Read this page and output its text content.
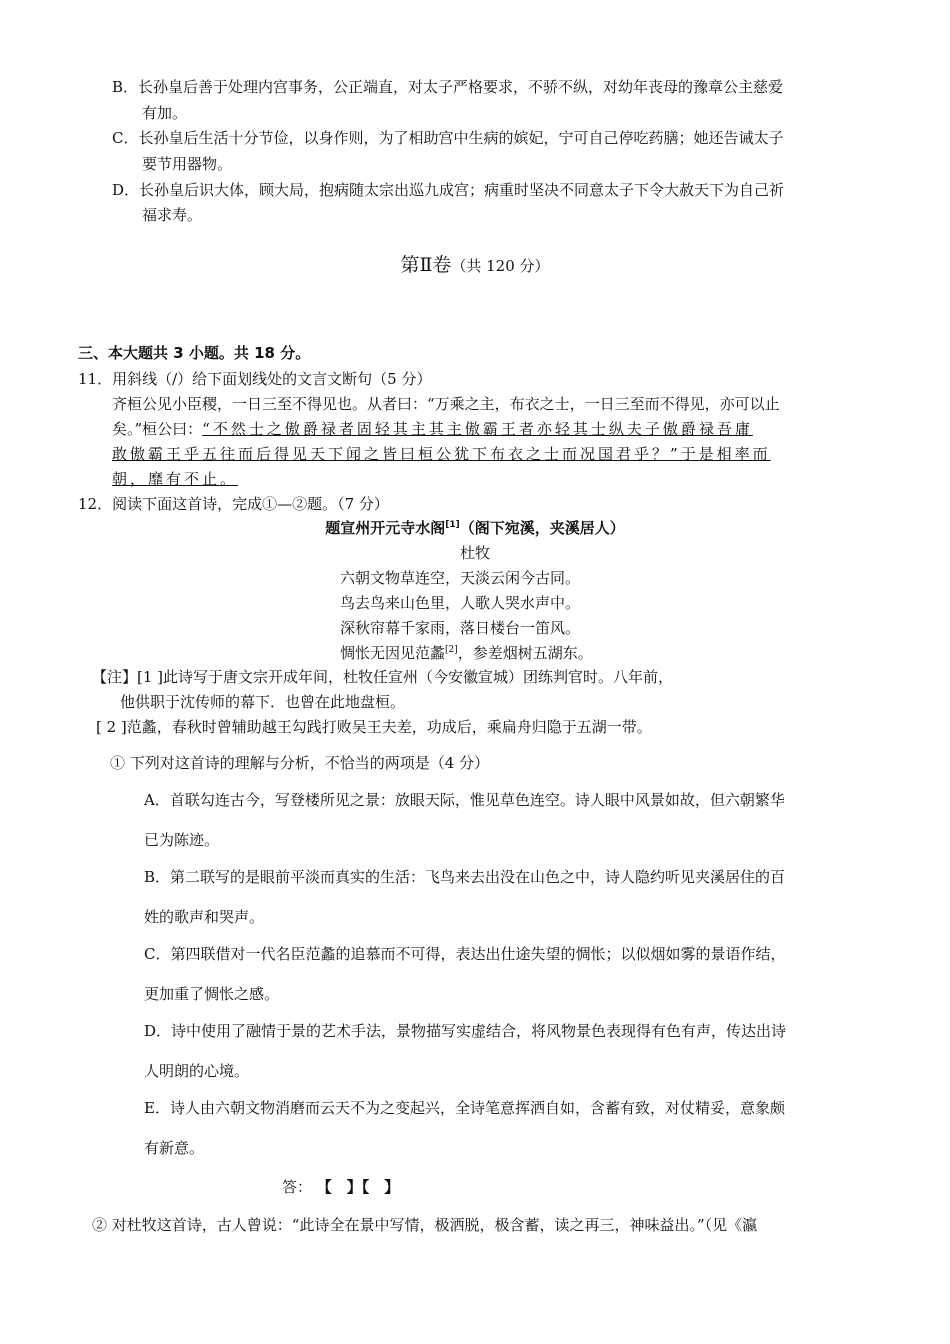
B．长孙皇后善于处理内宫事务，公正端直，对太子严格要求，不骄不纵，对幼年丧母的豫章公主慈爱
有加。
C．长孙皇后生活十分节俭，以身作则，为了相助宫中生病的嫔妃，宁可自己停吃药膳；她还告诫太子
要节用器物。
D．长孙皇后识大体，顾大局，抱病随太宗出巡九成宫；病重时坚决不同意太子下令大赦天下为自己祈
福求寿。
第Ⅱ卷（共 120 分）
三、本大题共 3 小题。共 18 分。
11．用斜线（/）给下面划线处的文言文断句（5 分）
齐桓公见小臣稷，一日三至不得见也。从者曰：“万乘之主，布衣之士，一日三至而不得见，亦可以止
矣。”桓公曰：“不然士之傲爵禄者固轻其主其主傲霸王者亦轻其士纵夫子傲爵禄吾庸
敢傲霸王乎五往而后得见天下闻之皆曰桓公犹下布衣之士而况国君乎？”于是相率而
朝，靡有不止。
12．阅读下面这首诗，完成①—②题。（7 分）
题宣州开元寺水阁[1]（阁下宛溪，夹溪居人）
杜牧
六朝文物草连空，天淡云闲今古同。
鸟去鸟来山色里，人歌人哭水声中。
深秋帘幕千家雨，落日楼台一笛风。
惆怅无因见范蠡[2]，参差烟树五湖东。
【注】[1 ]此诗写于唐文宗开成年间，杜牧任宣州（今安徽宣城）团练判官时。八年前，
他供职于沈传师的幕下．也曾在此地盘桓。
[ 2 ]范蠡，春秋时曾辅助越王勾践打败吴王夫差，功成后，乘扁舟归隐于五湖一带。
① 下列对这首诗的理解与分析，不恰当的两项是（4 分）
A．首联勾连古今，写登楼所见之景：放眼天际，惟见草色连空。诗人眼中风景如故，但六朝繁华
已为陈迹。
B．第二联写的是眼前平淡而真实的生活：飞鸟来去出没在山色之中，诗人隐约听见夹溪居住的百
姓的歌声和哭声。
C．第四联借对一代名臣范蠡的追慕而不可得，表达出仕途失望的惆怅；以似烟如雾的景语作结，
更加重了惆怅之感。
D．诗中使用了融情于景的艺术手法，景物描写实虚结合，将风物景色表现得有色有声，传达出诗
人明朗的心境。
E．诗人由六朝文物消磨而云天不为之变起兴，全诗笔意挥洒自如，含蓄有致，对仗精妥，意象颇
有新意。
答： 【　】【　】
② 对杜牧这首诗，古人曾说：“此诗全在景中写情，极洒脱，极含蓄，读之再三，神味益出。”（见《瀛
